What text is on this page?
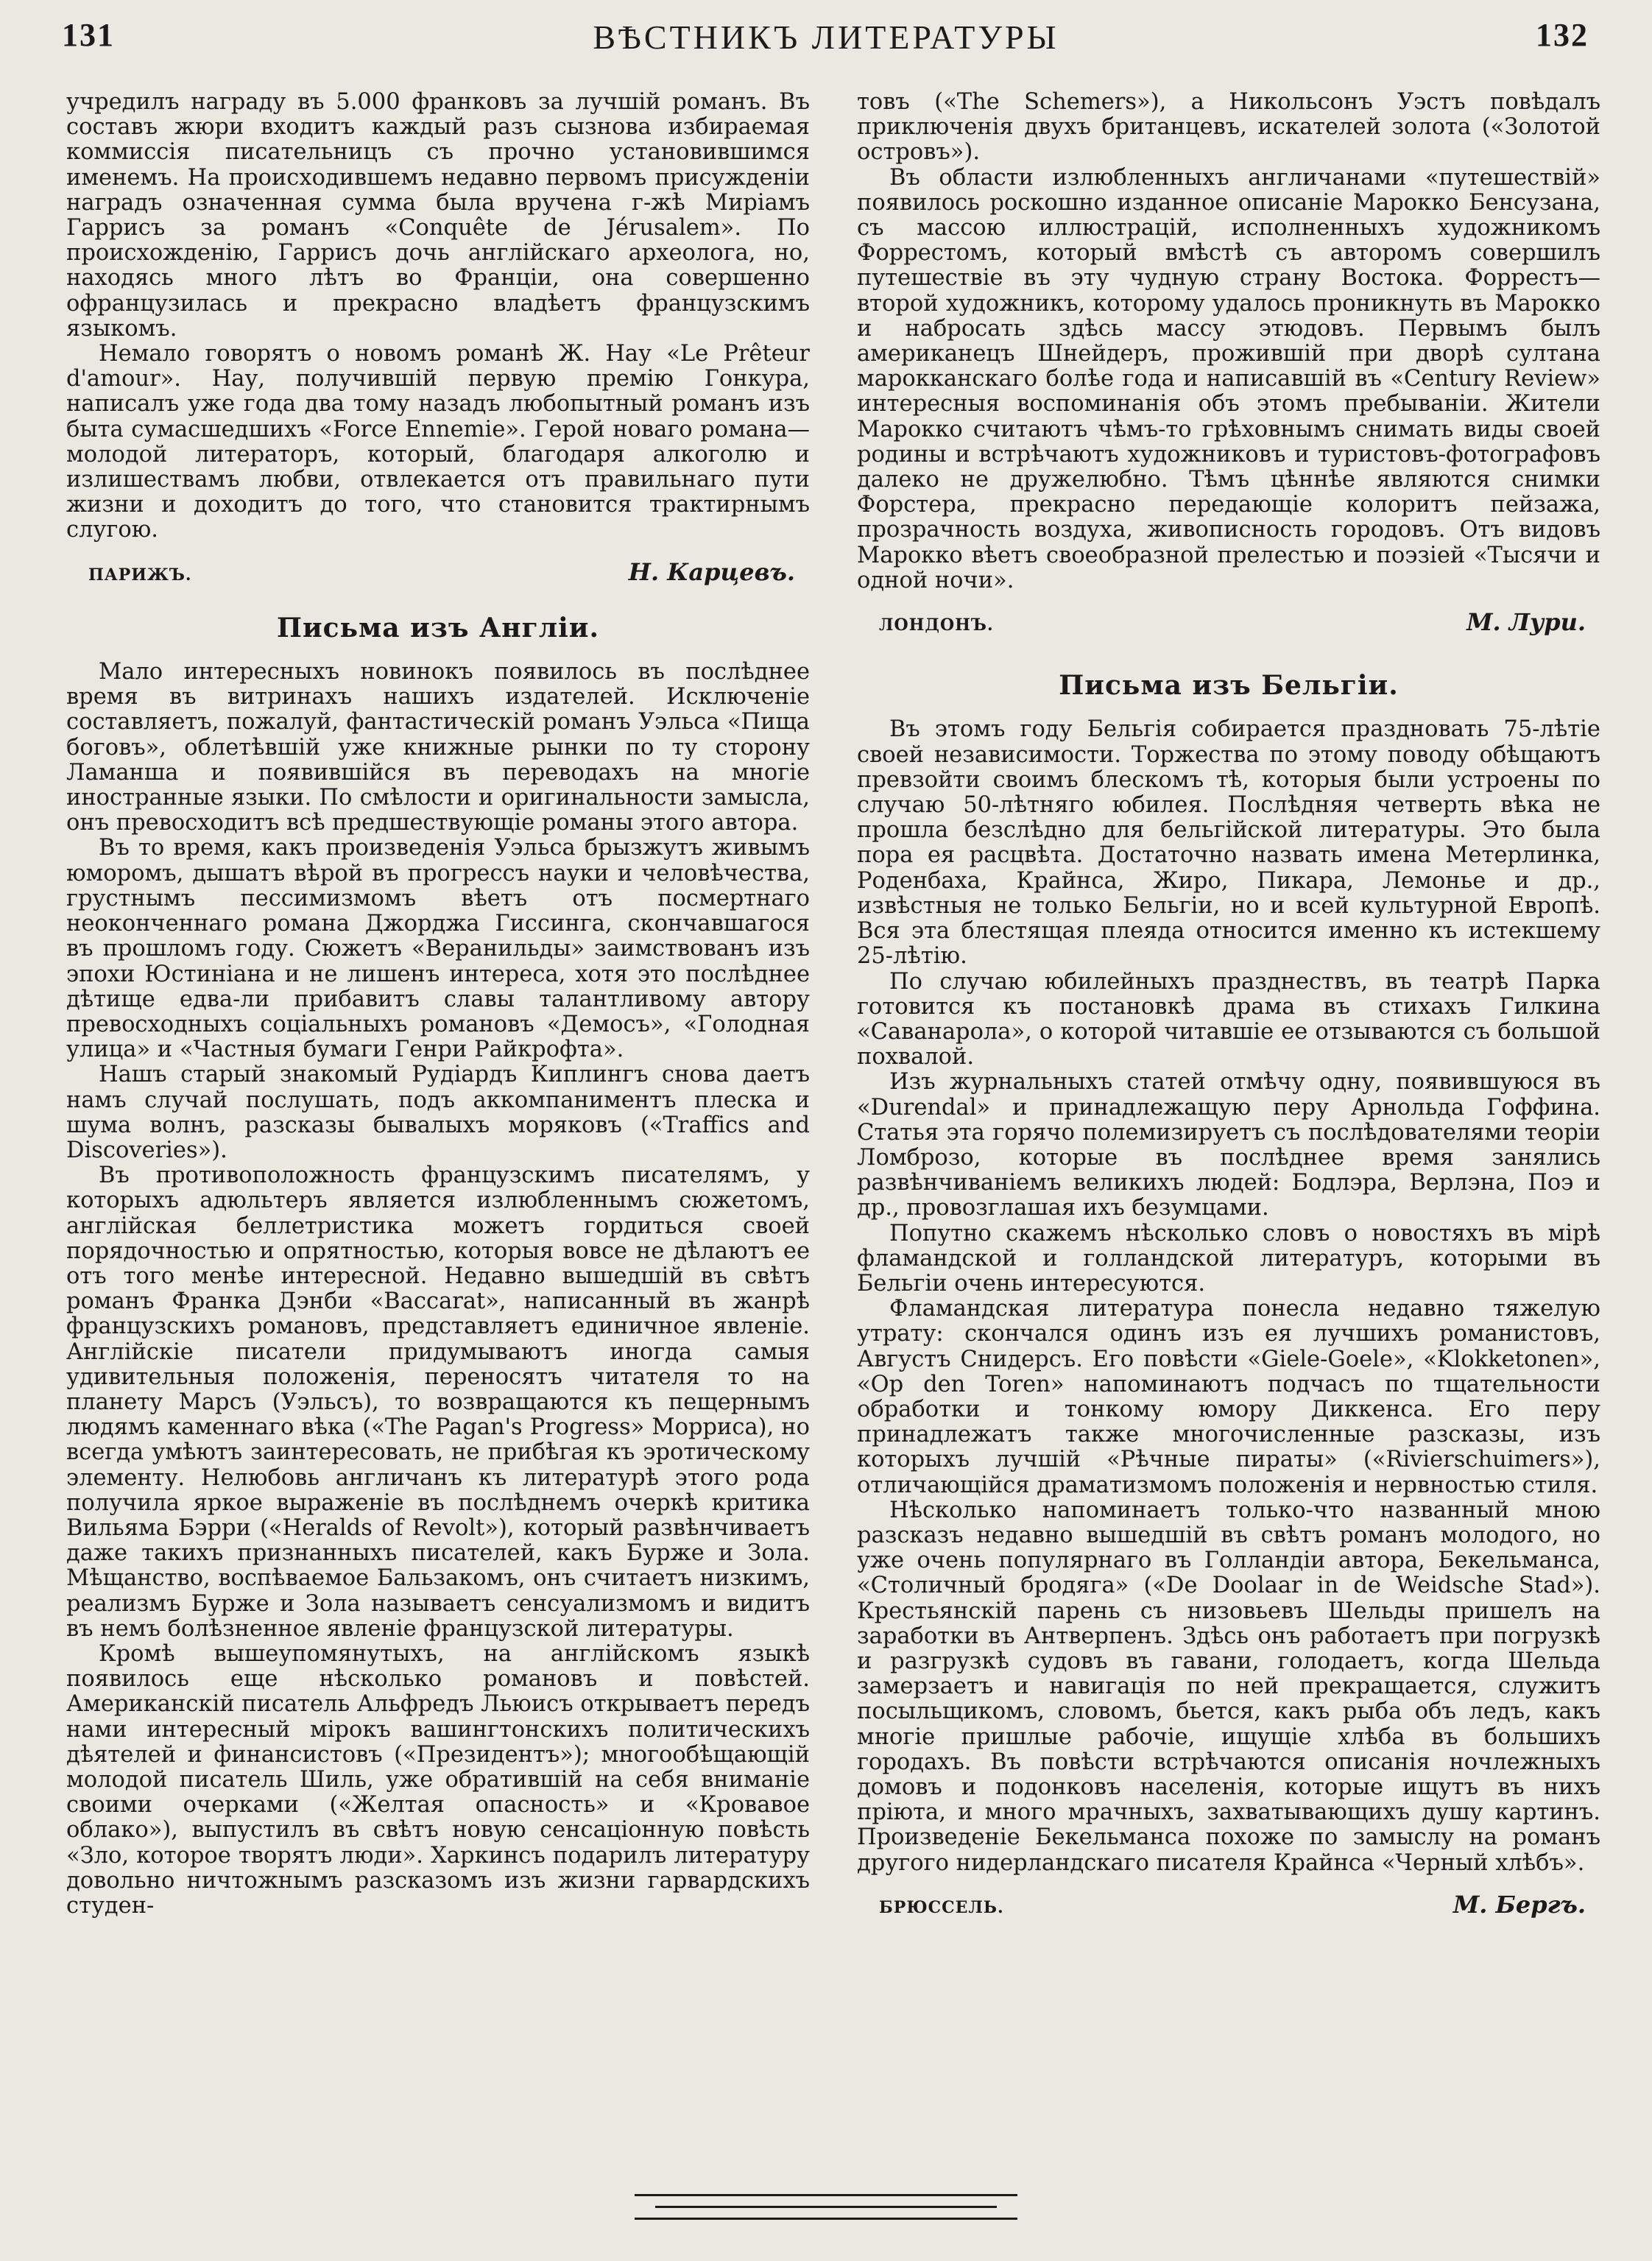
131	ВѢСТНИКЪ ЛИТЕРАТУРЫ	132

учредилъ награду въ 5.000 франковъ за лучшій романъ. Въ составъ жюри входитъ каждый разъ сызнова избираемая коммиссія писательницъ съ прочно установившимся именемъ. На происходившемъ недавно первомъ присужденіи наградъ означенная сумма была вручена г-жѣ Миріамъ Гаррисъ за романъ «Conquête de Jérusalem». По происхожденію, Гаррисъ дочь англійскаго археолога, но, находясь много лѣтъ во Франціи, она совершенно офранцузилась и прекрасно владѣетъ французскимъ языкомъ.

Немало говорятъ о новомъ романѣ Ж. Нау «Le Prêteur d'amour». Нау, получившій первую премію Гонкура, написалъ уже года два тому назадъ любопытный романъ изъ быта сумасшедшихъ «Force Ennemie». Герой новаго романа—молодой литераторъ, который, благодаря алкоголю и излишествамъ любви, отвлекается отъ правильнаго пути жизни и доходитъ до того, что становится трактирнымъ слугою.

ПАРИЖЪ.	Н. Карцевъ.

Письма изъ Англіи.

Мало интересныхъ новинокъ появилось въ послѣднее время въ витринахъ нашихъ издателей. Исключеніе составляетъ, пожалуй, фантастическій романъ Уэльса «Пища боговъ», облетѣвшій уже книжные рынки по ту сторону Ламанша и появившійся въ переводахъ на многіе иностранные языки. По смѣлости и оригинальности замысла, онъ превосходитъ всѣ предшествующіе романы этого автора.

Въ то время, какъ произведенія Уэльса брызжутъ живымъ юморомъ, дышатъ вѣрой въ прогрессъ науки и человѣчества, грустнымъ пессимизмомъ вѣетъ отъ посмертнаго неоконченнаго романа Джорджа Гиссинга, скончавшагося въ прошломъ году. Сюжетъ «Веранильды» заимствованъ изъ эпохи Юстиніана и не лишенъ интереса, хотя это послѣднее дѣтище едва-ли прибавитъ славы талантливому автору превосходныхъ соціальныхъ романовъ «Демосъ», «Голодная улица» и «Частныя бумаги Генри Райкрофта».

Нашъ старый знакомый Рудіардъ Киплингъ снова даетъ намъ случай послушать, подъ аккомпаниментъ плеска и шума волнъ, разсказы бывалыхъ моряковъ («Traffics and Discoveries»).

Въ противоположность французскимъ писателямъ, у которыхъ адюльтеръ является излюбленнымъ сюжетомъ, англійская беллетристика можетъ гордиться своей порядочностью и опрятностью, которыя вовсе не дѣлаютъ ее отъ того менѣе интересной. Недавно вышедшій въ свѣтъ романъ Франка Дэнби «Baccarat», написанный въ жанрѣ французскихъ романовъ, представляетъ единичное явленіе. Англійскіе писатели придумываютъ иногда самыя удивительныя положенія, переносятъ читателя то на планету Марсъ (Уэльсъ), то возвращаются къ пещернымъ людямъ каменнаго вѣка («The Pagan's Progress» Морриса), но всегда умѣютъ заинтересовать, не прибѣгая къ эротическому элементу. Нелюбовь англичанъ къ литературѣ этого рода получила яркое выраженіе въ послѣднемъ очеркѣ критика Вильяма Бэрри («Heralds of Revolt»), который развѣнчиваетъ даже такихъ признанныхъ писателей, какъ Бурже и Зола. Мѣщанство, воспѣваемое Бальзакомъ, онъ считаетъ низкимъ, реализмъ Бурже и Зола называетъ сенсуализмомъ и видитъ въ немъ болѣзненное явленіе французской литературы.

Кромѣ вышеупомянутыхъ, на англійскомъ языкѣ появилось еще нѣсколько романовъ и повѣстей. Американскій писатель Альфредъ Льюисъ открываетъ передъ нами интересный мірокъ вашингтонскихъ политическихъ дѣятелей и финансистовъ («Президентъ»); многообѣщающій молодой писатель Шиль, уже обратившій на себя вниманіе своими очерками («Желтая опасность» и «Кровавое облако»), выпустилъ въ свѣтъ новую сенсаціонную повѣсть «Зло, которое творятъ люди». Харкинсъ подарилъ литературу довольно ничтожнымъ разсказомъ изъ жизни гарвардскихъ студен-

товъ («The Schemers»), а Никольсонъ Уэстъ повѣдалъ приключенія двухъ британцевъ, искателей золота («Золотой островъ»).

Въ области излюбленныхъ англичанами «путешествій» появилось роскошно изданное описаніе Марокко Бенсузана, съ массою иллюстрацій, исполненныхъ художникомъ Форрестомъ, который вмѣстѣ съ авторомъ совершилъ путешествіе въ эту чудную страну Востока. Форрестъ—второй художникъ, которому удалось проникнуть въ Марокко и набросать здѣсь массу этюдовъ. Первымъ былъ американецъ Шнейдеръ, прожившій при дворѣ султана марокканскаго болѣе года и написавшій въ «Century Review» интересныя воспоминанія объ этомъ пребываніи. Жители Марокко считаютъ чѣмъ-то грѣховнымъ снимать виды своей родины и встрѣчаютъ художниковъ и туристовъ-фотографовъ далеко не дружелюбно. Тѣмъ цѣннѣе являются снимки Форстера, прекрасно передающіе колоритъ пейзажа, прозрачность воздуха, живописность городовъ. Отъ видовъ Марокко вѣетъ своеобразной прелестью и поэзіей «Тысячи и одной ночи».

ЛОНДОНЪ.	М. Лури.

Письма изъ Бельгіи.

Въ этомъ году Бельгія собирается праздновать 75-лѣтіе своей независимости. Торжества по этому поводу обѣщаютъ превзойти своимъ блескомъ тѣ, которыя были устроены по случаю 50-лѣтняго юбилея. Послѣдняя четверть вѣка не прошла безслѣдно для бельгійской литературы. Это была пора ея расцвѣта. Достаточно назвать имена Метерлинка, Роденбаха, Крайнса, Жиро, Пикара, Лемонье и др., извѣстныя не только Бельгіи, но и всей культурной Европѣ. Вся эта блестящая плеяда относится именно къ истекшему 25-лѣтію.

По случаю юбилейныхъ празднествъ, въ театрѣ Парка готовится къ постановкѣ драма въ стихахъ Гилкина «Саванарола», о которой читавшіе ее отзываются съ большой похвалой.

Изъ журнальныхъ статей отмѣчу одну, появившуюся въ «Durendal» и принадлежащую перу Арнольда Гоффина. Статья эта горячо полемизируетъ съ послѣдователями теоріи Ломброзо, которые въ послѣднее время занялись развѣнчиваніемъ великихъ людей: Бодлэра, Верлэна, Поэ и др., провозглашая ихъ безумцами.

Попутно скажемъ нѣсколько словъ о новостяхъ въ мірѣ фламандской и голландской литературъ, которыми въ Бельгіи очень интересуются.

Фламандская литература понесла недавно тяжелую утрату: скончался одинъ изъ ея лучшихъ романистовъ, Августъ Снидерсъ. Его повѣсти «Giele-Goele», «Klokketonen», «Op den Toren» напоминаютъ подчасъ по тщательности обработки и тонкому юмору Диккенса. Его перу принадлежатъ также многочисленные разсказы, изъ которыхъ лучшій «Рѣчные пираты» («Rivierschuimers»), отличающійся драматизмомъ положенія и нервностью стиля.

Нѣсколько напоминаетъ только-что названный мною разсказъ недавно вышедшій въ свѣтъ романъ молодого, но уже очень популярнаго въ Голландіи автора, Бекельманса, «Столичный бродяга» («De Doolaar in de Weidsche Stad»). Крестьянскій парень съ низовьевъ Шельды пришелъ на заработки въ Антверпенъ. Здѣсь онъ работаетъ при погрузкѣ и разгрузкѣ судовъ въ гавани, голодаетъ, когда Шельда замерзаетъ и навигація по ней прекращается, служитъ посыльщикомъ, словомъ, бьется, какъ рыба объ ледъ, какъ многіе пришлые рабочіе, ищущіе хлѣба въ большихъ городахъ. Въ повѣсти встрѣчаются описанія ночлежныхъ домовъ и подонковъ населенія, которые ищутъ въ нихъ пріюта, и много мрачныхъ, захватывающихъ душу картинъ. Произведеніе Бекельманса похоже по замыслу на романъ другого нидерландскаго писателя Крайнса «Черный хлѣбъ».

БРЮССЕЛЬ.	М. Бергъ.
